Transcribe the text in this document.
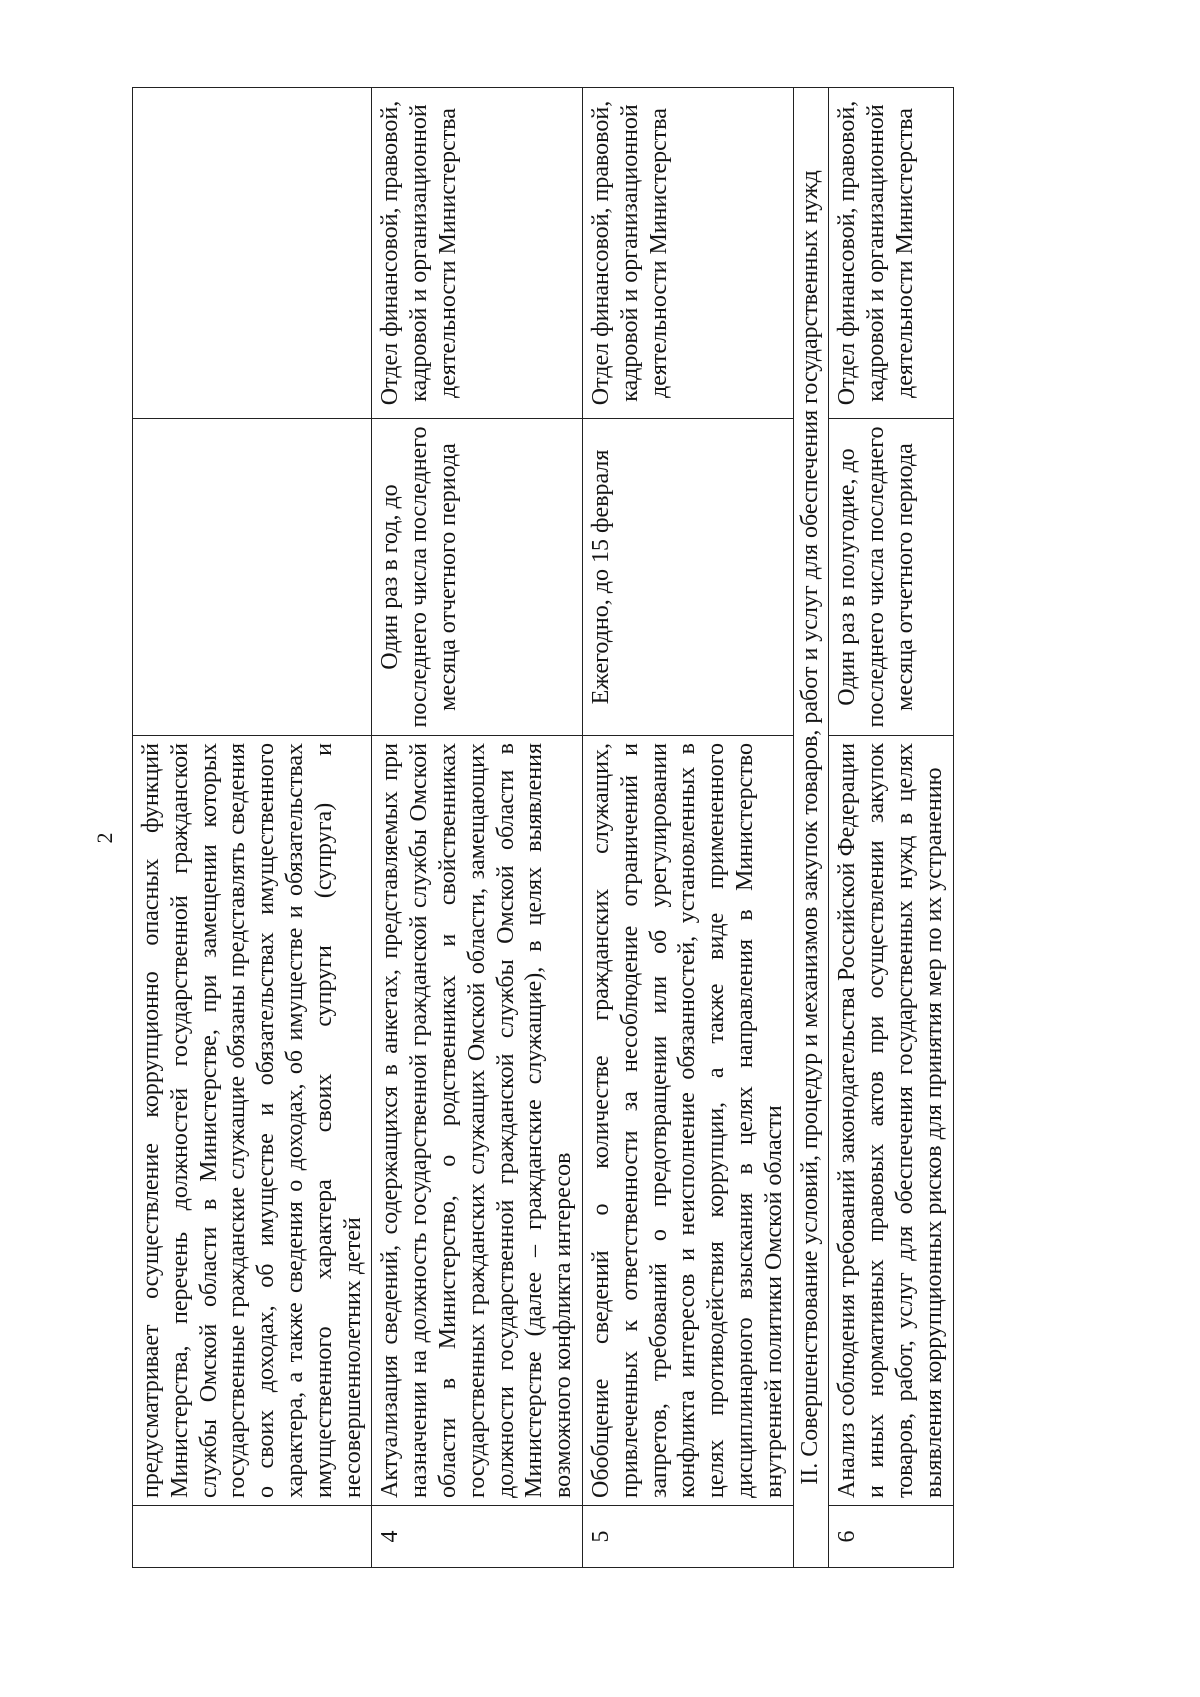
2
	предусматривает осуществление коррупционно опасных функций Министерства, перечень должностей государственной гражданской службы Омской области в Министерстве, при замещении которых государственные гражданские служащие обязаны представлять сведения о своих доходах, об имуществе и обязательствах имущественного характера, а также сведения о доходах, об имуществе и обязательствах имущественного характера своих супруги (супруга) и несовершеннолетних детей		
4	Актуализация сведений, содержащихся в анкетах, представляемых при назначении на должность государственной гражданской службы Омской области в Министерство, о родственниках и свойственниках государственных гражданских служащих Омской области, замещающих должности государственной гражданской службы Омской области в Министерстве (далее – гражданские служащие), в целях выявления возможного конфликта интересов	Один раз в год, до последнего числа последнего месяца отчетного периода	Отдел финансовой, правовой, кадровой и организационной деятельности Министерства
5	Обобщение сведений о количестве гражданских служащих, привлеченных к ответственности за несоблюдение ограничений и запретов, требований о предотвращении или об урегулировании конфликта интересов и неисполнение обязанностей, установленных в целях противодействия коррупции, а также виде примененного дисциплинарного взыскания в целях направления в Министерство внутренней политики Омской области	Ежегодно, до 15 февраля	Отдел финансовой, правовой, кадровой и организационной деятельности Министерства
II. Совершенствование условий, процедур и механизмов закупок товаров, работ и услуг для обеспечения государственных нужд			
6	Анализ соблюдения требований законодательства Российской Федерации и иных нормативных правовых актов при осуществлении закупок товаров, работ, услуг для обеспечения государственных нужд в целях выявления коррупционных рисков для принятия мер по их устранению	Один раз в полугодие, до последнего числа последнего месяца отчетного периода	Отдел финансовой, правовой, кадровой и организационной деятельности Министерства
